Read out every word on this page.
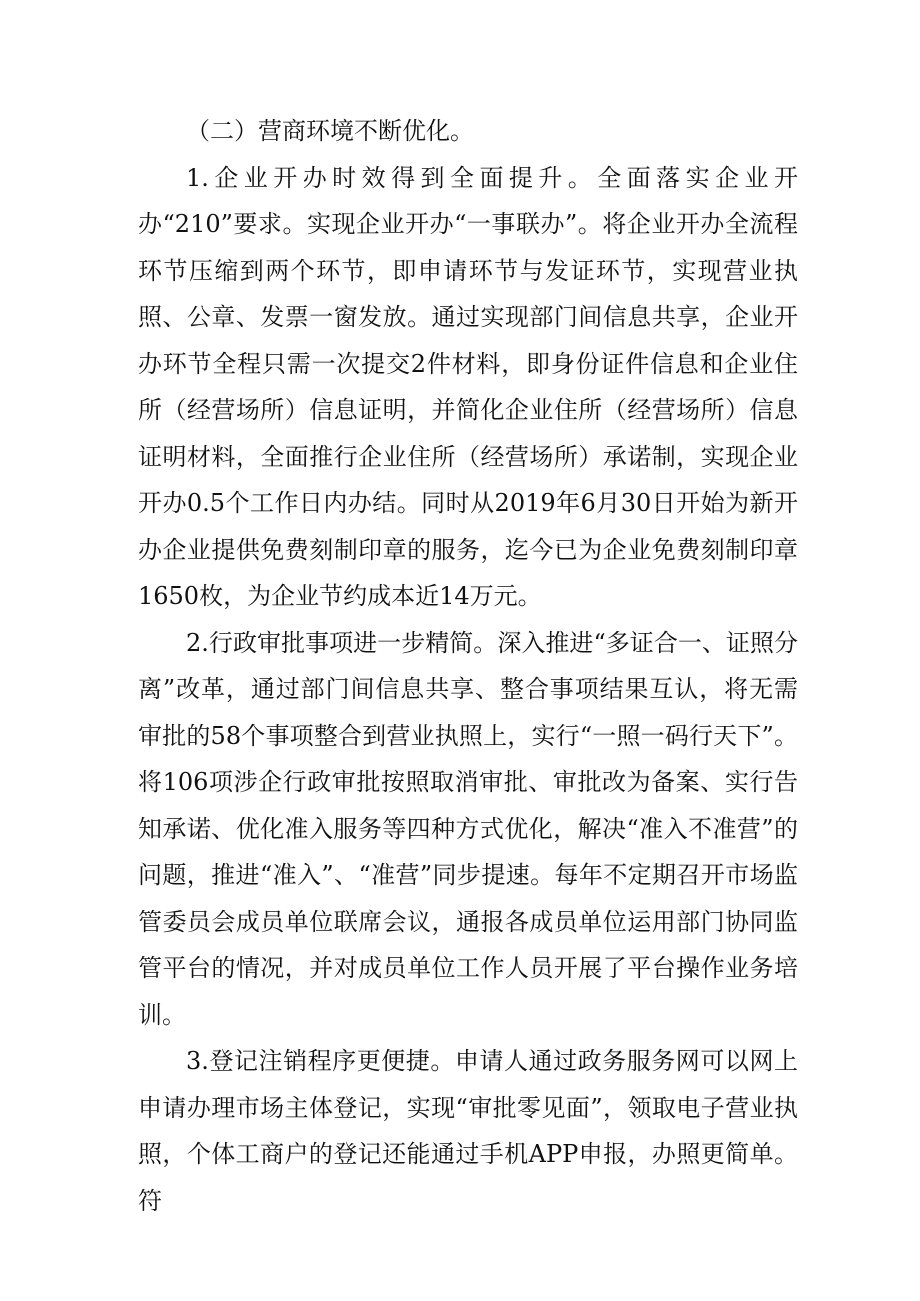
（二）营商环境不断优化。

1.企业开办时效得到全面提升。全面落实企业开办“210”要求。实现企业开办“一事联办”。将企业开办全流程环节压缩到两个环节，即申请环节与发证环节，实现营业执照、公章、发票一窗发放。通过实现部门间信息共享，企业开办环节全程只需一次提交2件材料，即身份证件信息和企业住所（经营场所）信息证明，并简化企业住所（经营场所）信息证明材料，全面推行企业住所（经营场所）承诺制，实现企业开办0.5个工作日内办结。同时从2019年6月30日开始为新开办企业提供免费刻制印章的服务，迄今已为企业免费刻制印章1650枚，为企业节约成本近14万元。

2.行政审批事项进一步精简。深入推进“多证合一、证照分离”改革，通过部门间信息共享、整合事项结果互认，将无需审批的58个事项整合到营业执照上，实行“一照一码行天下”。将106项涉企行政审批按照取消审批、审批改为备案、实行告知承诺、优化准入服务等四种方式优化，解决“准入不准营”的问题，推进“准入”、“准营”同步提速。每年不定期召开市场监管委员会成员单位联席会议，通报各成员单位运用部门协同监管平台的情况，并对成员单位工作人员开展了平台操作业务培训。

3.登记注销程序更便捷。申请人通过政务服务网可以网上申请办理市场主体登记，实现“审批零见面”，领取电子营业执照，个体工商户的登记还能通过手机APP申报，办照更简单。符
